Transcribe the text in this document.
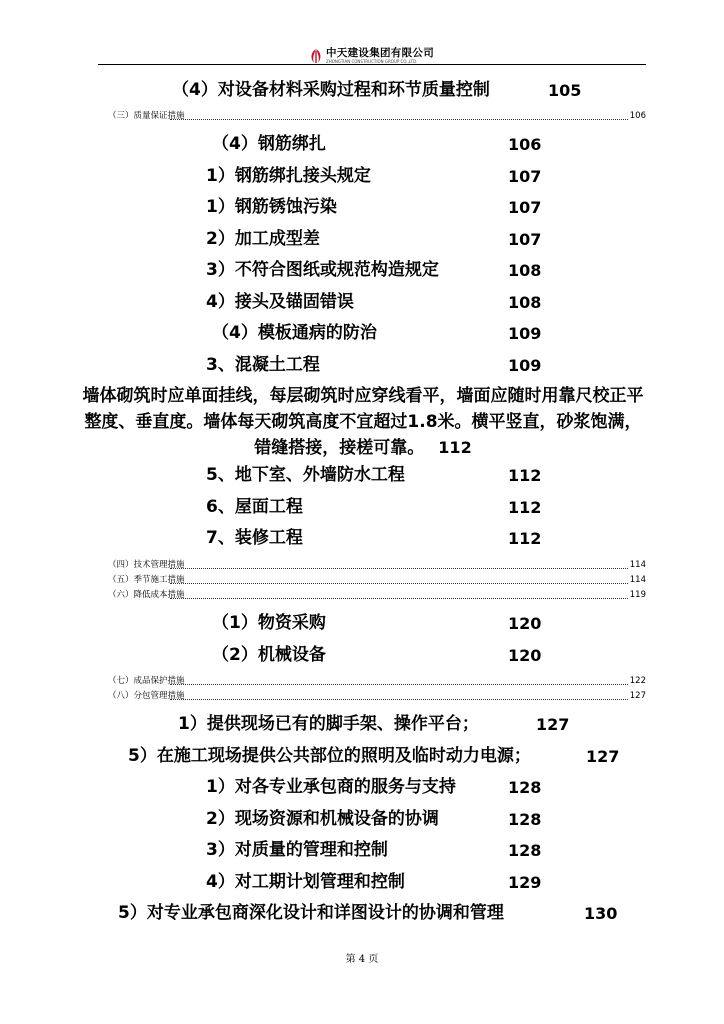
中天建设集团有限公司
ZHONGTIAN CONSTRUCTION GROUP CO.,LTD.
（4）对设备材料采购过程和环节质量控制	105
（三）质量保证措施	106
（4）钢筋绑扎	106
1）钢筋绑扎接头规定	107
1）钢筋锈蚀污染	107
2）加工成型差	107
3）不符合图纸或规范构造规定	108
4）接头及锚固错误	108
（4）模板通病的防治	109
3、混凝土工程	109
墙体砌筑时应单面挂线，每层砌筑时应穿线看平，墙面应随时用靠尺校正平整度、垂直度。墙体每天砌筑高度不宜超过1.8米。横平竖直，砂浆饱满，错缝搭接，接槎可靠。 112
5、地下室、外墙防水工程	112
6、屋面工程	112
7、装修工程	112
（四）技术管理措施	114
（五）季节施工措施	114
（六）降低成本措施	119
（1）物资采购	120
（2）机械设备	120
（七）成品保护措施	122
（八）分包管理措施	127
1）提供现场已有的脚手架、操作平台；	127
5）在施工现场提供公共部位的照明及临时动力电源；	127
1）对各专业承包商的服务与支持	128
2）现场资源和机械设备的协调	128
3）对质量的管理和控制	128
4）对工期计划管理和控制	129
5）对专业承包商深化设计和详图设计的协调和管理	130
第 4 页
